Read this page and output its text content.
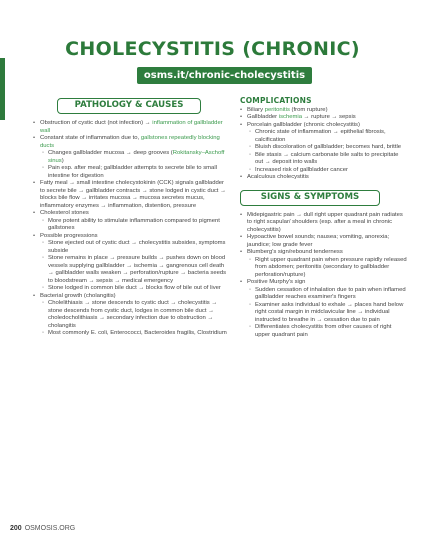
CHOLECYSTITIS (CHRONIC)
osms.it/chronic-cholecystitis
PATHOLOGY & CAUSES
• Obstruction of cystic duct (not infection) → inflammation of gallbladder wall
• Constant state of inflammation due to, gallstones repeatedly blocking ducts
◦ Changes gallbladder mucosa → deep grooves (Rokitansky–Aschoff sinus)
◦ Pain esp. after meal; gallbladder attempts to secrete bile to small intestine for digestion
• Fatty meal → small intestine cholecystokinin (CCK) signals gallbladder to secrete bile → gallbladder contracts → stone lodged in cystic duct → blocks bile flow → irritates mucosa → mucosa secretes mucus, inflammatory enzymes → inflammation, distention, pressure
• Cholesterol stones
◦ More potent ability to stimulate inflammation compared to pigment gallstones
• Possible progressions
◦ Stone ejected out of cystic duct → cholecystitis subsides, symptoms subside
◦ Stone remains in place → pressure builds → pushes down on blood vessels supplying gallbladder → ischemia → gangrenous cell death → gallbladder walls weaken → perforation/rupture → bacteria seeds to bloodstream → sepsis → medical emergency
◦ Stone lodged in common bile duct → blocks flow of bile out of liver
• Bacterial growth (cholangitis)
◦ Cholelithiasis → stone descends to cystic duct → cholecystitis → stone descends from cystic duct, lodges in common bile duct → choledocholithiasis → secondary infection due to obstruction → cholangitis
◦ Most commonly E. coli, Enterococci, Bacteroides fragilis, Clostridium
COMPLICATIONS
• Biliary peritonitis (from rupture)
• Gallbladder ischemia → rupture → sepsis
• Porcelain gallbladder (chronic cholecystitis)
◦ Chronic state of inflammation → epithelial fibrosis, calcification
◦ Bluish discoloration of gallbladder; becomes hard, brittle
◦ Bile stasis → calcium carbonate bile salts to precipitate out → deposit into walls
◦ Increased risk of gallbladder cancer
• Acalculous cholecystitis
SIGNS & SYMPTOMS
• Midepigastric pain → dull right upper quadrant pain radiates to right scapular/ shoulders (esp. after a meal in chronic cholecystitis)
• Hypoactive bowel sounds; nausea; vomiting, anorexia; jaundice; low grade fever
• Blumberg's sign/rebound tenderness
◦ Right upper quadrant pain when pressure rapidly released from abdomen; peritonitis (secondary to gallbladder perforation/rupture)
• Positive Murphy's sign
◦ Sudden cessation of inhalation due to pain when inflamed gallbladder reaches examiner's fingers
◦ Examiner asks individual to exhale → places hand below right costal margin in midclavicular line → individual instructed to breathe in → cessation due to pain
◦ Differentiates cholecystitis from other causes of right upper quadrant pain
200 OSMOSIS.ORG
